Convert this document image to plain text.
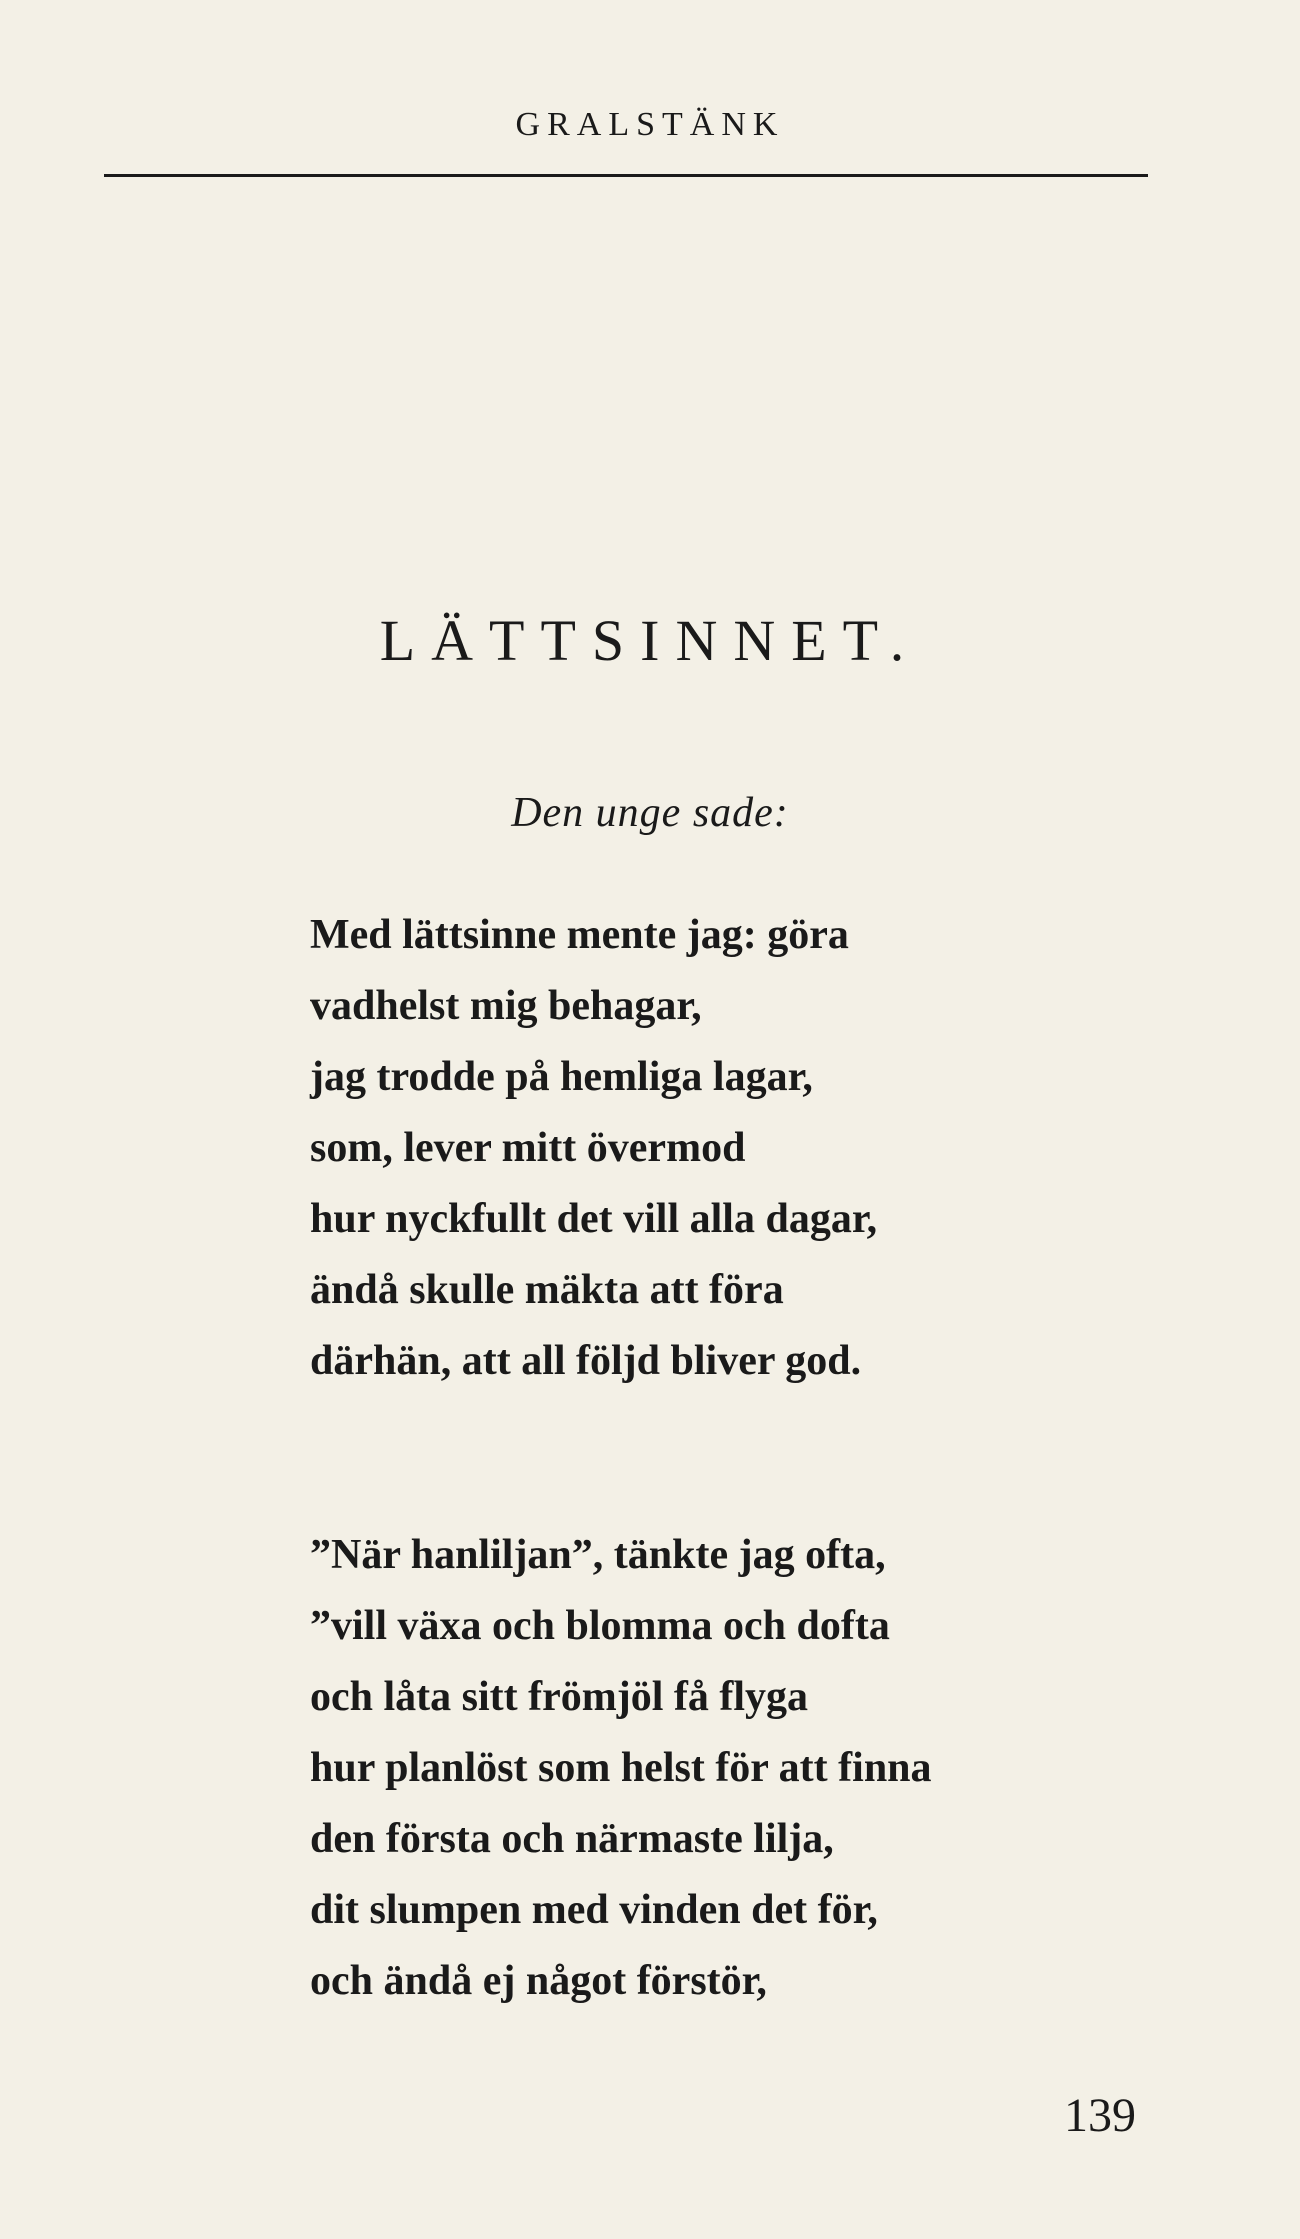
GRALSTÄNK
LÄTTSINNET.
Den unge sade:
Med lättsinne mente jag: göra
vadhelst mig behagar,
jag trodde på hemliga lagar,
som, lever mitt övermod
hur nyckfullt det vill alla dagar,
ändå skulle mäkta att föra
därhän, att all följd bliver god.
”När hanliljan”, tänkte jag ofta,
”vill växa och blomma och dofta
och låta sitt frömjöl få flyga
hur planlöst som helst för att finna
den första och närmaste lilja,
dit slumpen med vinden det för,
och ändå ej något förstör,
139
